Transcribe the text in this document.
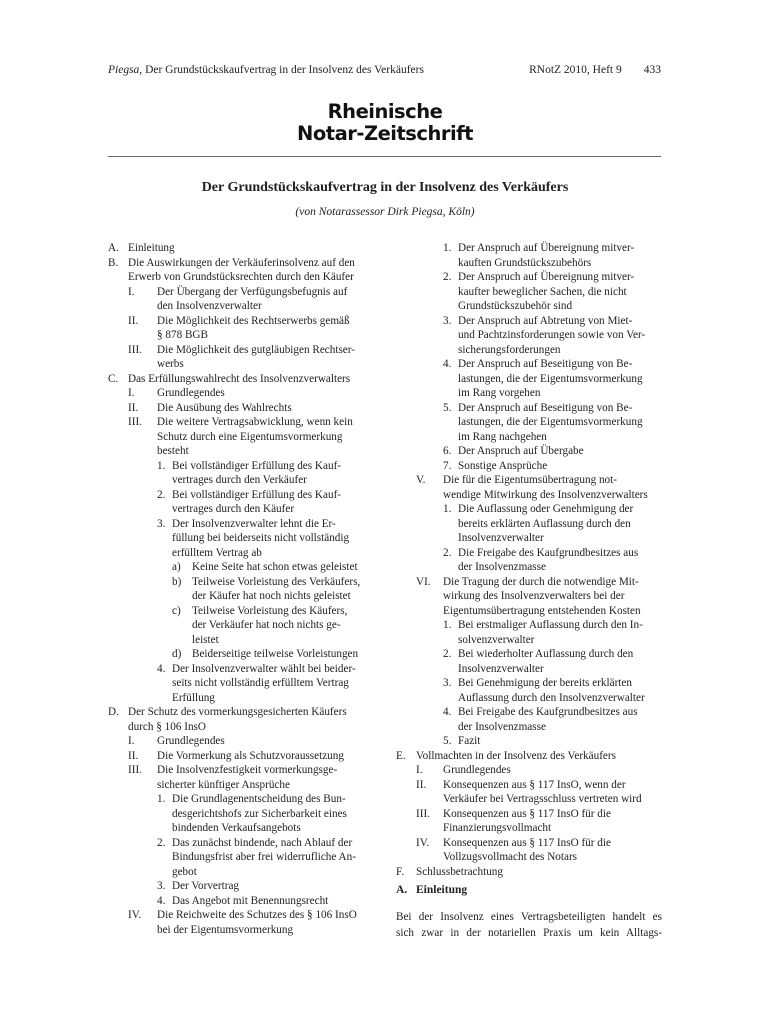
Piegsa, Der Grundstückskaufvertrag in der Insolvenz des Verkäufers	RNotZ 2010, Heft 9 433
Rheinische
Notar-Zeitschrift
Der Grundstückskaufvertrag in der Insolvenz des Verkäufers
(von Notarassessor Dirk Piegsa, Köln)
A. Einleitung
B. Die Auswirkungen der Verkäuferinsolvenz auf den
Erwerb von Grundstücksrechten durch den Käufer
I.	Der Übergang der Verfügungsbefugnis auf
den Insolvenzverwalter
II.	Die Möglichkeit des Rechtserwerbs gemäß
§ 878 BGB
III.	Die Möglichkeit des gutgläubigen Rechtser-
werbs
C. Das Erfüllungswahlrecht des Insolvenzverwalters
I.	Grundlegendes
II.	Die Ausübung des Wahlrechts
III.	Die weitere Vertragsabwicklung, wenn kein
Schutz durch eine Eigentumsvormerkung
besteht
1. Bei vollständiger Erfüllung des Kauf-
vertrages durch den Verkäufer
2. Bei vollständiger Erfüllung des Kauf-
vertrages durch den Käufer
3. Der Insolvenzverwalter lehnt die Er-
füllung bei beiderseits nicht vollständig
erfülltem Vertrag ab
a)	Keine Seite hat schon etwas geleistet
b) Teilweise Vorleistung des Verkäufers,
der Käufer hat noch nichts geleistet
c)	Teilweise Vorleistung des Käufers,
der Verkäufer hat noch nichts ge-
leistet
d) Beiderseitige teilweise Vorleistungen
4. Der Insolvenzverwalter wählt bei beider-
seits nicht vollständig erfülltem Vertrag
Erfüllung
D. Der Schutz des vormerkungsgesicherten Käufers
durch § 106 InsO
I.	Grundlegendes
II.	Die Vormerkung als Schutzvoraussetzung
III.	Die Insolvenzfestigkeit vormerkungsge-
sicherter künftiger Ansprüche
1. Die Grundlagenentscheidung des Bun-
desgerichtshofs zur Sicherbarkeit eines
bindenden Verkaufsangebots
2. Das zunächst bindende, nach Ablauf der
Bindungsfrist aber frei widerrufliche An-
gebot
3. Der Vorvertrag
4. Das Angebot mit Benennungsrecht
IV.	Die Reichweite des Schutzes des § 106 InsO
bei der Eigentumsvormerkung
1. Der Anspruch auf Übereignung mitver-
kauften Grundstückszubehörs
2. Der Anspruch auf Übereignung mitver-
kaufter beweglicher Sachen, die nicht
Grundstückszubehör sind
3. Der Anspruch auf Abtretung von Miet-
und Pachtzinsforderungen sowie von Ver-
sicherungsforderungen
4. Der Anspruch auf Beseitigung von Be-
lastungen, die der Eigentumsvormerkung
im Rang vorgehen
5. Der Anspruch auf Beseitigung von Be-
lastungen, die der Eigentumsvormerkung
im Rang nachgehen
6. Der Anspruch auf Übergabe
7. Sonstige Ansprüche
V.	Die für die Eigentumsübertragung not-
wendige Mitwirkung des Insolvenzverwalters
1. Die Auflassung oder Genehmigung der
bereits erklärten Auflassung durch den
Insolvenzverwalter
2. Die Freigabe des Kaufgrundbesitzes aus
der Insolvenzmasse
VI.	Die Tragung der durch die notwendige Mit-
wirkung des Insolvenzverwalters bei der
Eigentumsübertragung entstehenden Kosten
1. Bei erstmaliger Auflassung durch den In-
solvenzverwalter
2. Bei wiederholter Auflassung durch den
Insolvenzverwalter
3. Bei Genehmigung der bereits erklärten
Auflassung durch den Insolvenzverwalter
4. Bei Freigabe des Kaufgrundbesitzes aus
der Insolvenzmasse
5. Fazit
E. Vollmachten in der Insolvenz des Verkäufers
I.	Grundlegendes
II.	Konsequenzen aus § 117 InsO, wenn der
Verkäufer bei Vertragsschluss vertreten wird
III.	Konsequenzen aus § 117 InsO für die
Finanzierungsvollmacht
IV.	Konsequenzen aus § 117 InsO für die
Vollzugsvollmacht des Notars
F.	Schlussbetrachtung
A. Einleitung
Bei der Insolvenz eines Vertragsbeteiligten handelt es
sich zwar in der notariellen Praxis um kein Alltags-
